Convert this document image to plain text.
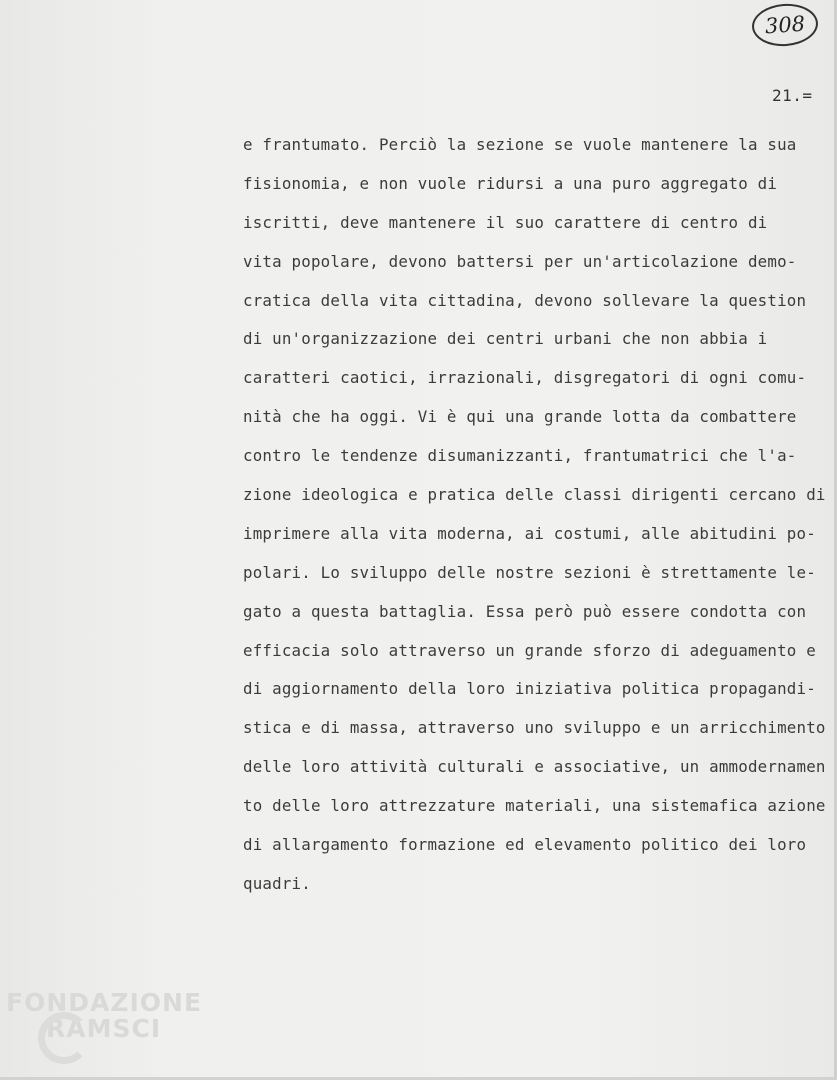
308
21.=
e frantumato. Perciò la sezione se vuole mantenere la sua
fisionomia, e non vuole ridursi a una puro aggregato di
iscritti, deve mantenere il suo carattere di centro di
vita popolare, devono battersi per un'articolazione demo-
cratica della vita cittadina, devono sollevare la question
di un'organizzazione dei centri urbani che non abbia i
caratteri caotici, irrazionali, disgregatori di ogni comu-
nità che ha oggi. Vi è qui una grande lotta da combattere
contro le tendenze disumanizzanti, frantumatrici che l'a-
zione ideologica e pratica delle classi dirigenti cercano di
imprimere alla vita moderna, ai costumi, alle abitudini po-
polari. Lo sviluppo delle nostre sezioni è strettamente le-
gato a questa battaglia. Essa però può essere condotta con
efficacia solo attraverso un grande sforzo di adeguamento e
di aggiornamento della loro iniziativa politica propagandi-
stica e di massa, attraverso uno sviluppo e un arricchimento
delle loro attività culturali e associative, un ammodernamen
to delle loro attrezzature materiali, una sistemafica azione
di allargamento formazione ed elevamento politico dei loro
quadri.
FONDAZIONE
RAMSCI
